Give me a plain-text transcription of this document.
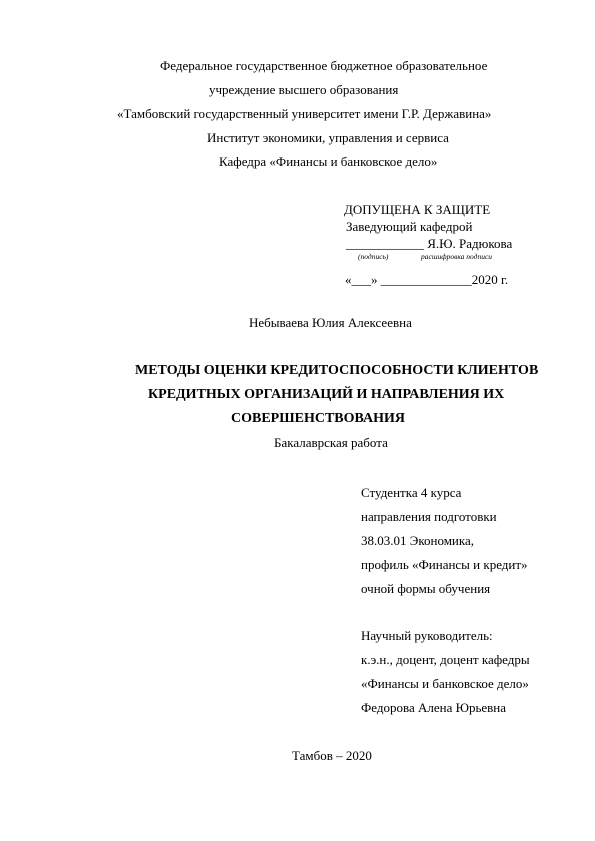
Федеральное государственное бюджетное образовательное
учреждение высшего образования
«Тамбовский государственный университет имени Г.Р. Державина»
Институт экономики, управления и сервиса
Кафедра «Финансы и банковское дело»
ДОПУЩЕНА К ЗАЩИТЕ
Заведующий кафедрой
____________ Я.Ю. Радюкова
(подпись)	расшифровка подписи
«___» ______________2020 г.
Небываева Юлия Алексеевна
МЕТОДЫ ОЦЕНКИ КРЕДИТОСПОСОБНОСТИ КЛИЕНТОВ
КРЕДИТНЫХ ОРГАНИЗАЦИЙ И НАПРАВЛЕНИЯ ИХ
СОВЕРШЕНСТВОВАНИЯ
Бакалаврская работа
Студентка 4 курса
направления подготовки
38.03.01 Экономика,
профиль «Финансы и кредит»
очной формы обучения
Научный руководитель:
к.э.н., доцент, доцент кафедры
«Финансы и банковское дело»
Федорова Алена Юрьевна
Тамбов – 2020
